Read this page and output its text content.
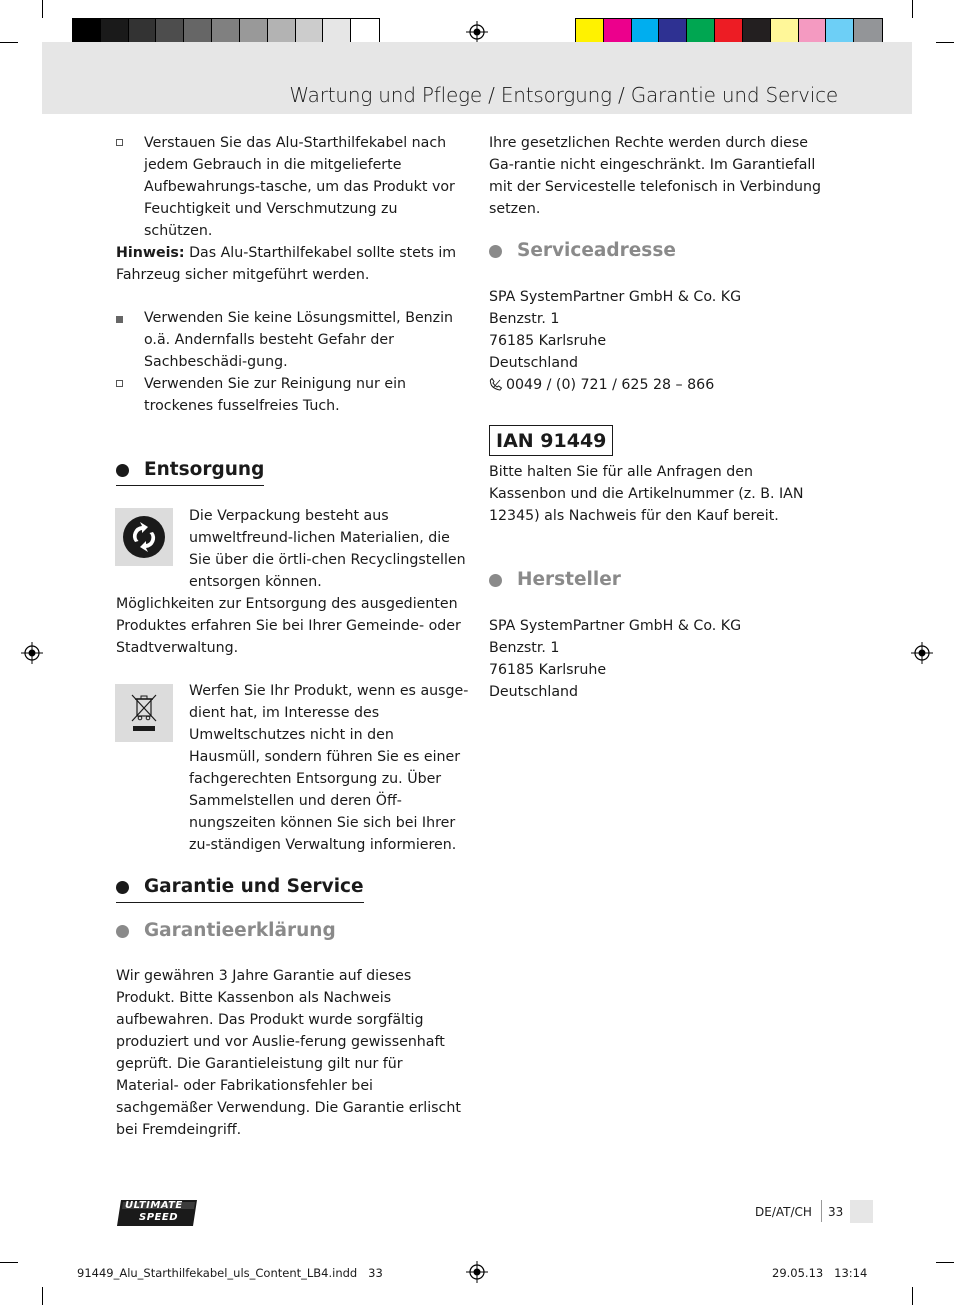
Wartung und Pflege / Entsorgung / Garantie und Service

Verstauen Sie das Alu-Starthilfekabel nach jedem Gebrauch in die mitgelieferte Aufbewahrungs-tasche, um das Produkt vor Feuchtigkeit und Verschmutzung zu schützen.

Hinweis: Das Alu-Starthilfekabel sollte stets im Fahrzeug sicher mitgeführt werden.

Verwenden Sie keine Lösungsmittel, Benzin o.ä. Andernfalls besteht Gefahr der Sachbeschädi-gung.

Verwenden Sie zur Reinigung nur ein trockenes fusselfreies Tuch.

Entsorgung

Die Verpackung besteht aus umweltfreund-lichen Materialien, die Sie über die örtli-chen Recyclingstellen entsorgen können.

Möglichkeiten zur Entsorgung des ausgedienten Produktes erfahren Sie bei Ihrer Gemeinde- oder Stadtverwaltung.

Werfen Sie Ihr Produkt, wenn es ausge-dient hat, im Interesse des Umweltschutzes nicht in den Hausmüll, sondern führen Sie es einer fachgerechten Entsorgung zu. Über Sammelstellen und deren Öff-nungszeiten können Sie sich bei Ihrer zu-ständigen Verwaltung informieren.

Garantie und Service
Garantieerklärung

Wir gewähren 3 Jahre Garantie auf dieses Produkt. Bitte Kassenbon als Nachweis aufbewahren. Das Produkt wurde sorgfältig produziert und vor Auslie-ferung gewissenhaft geprüft. Die Garantieleistung gilt nur für Material- oder Fabrikationsfehler bei sachgemäßer Verwendung. Die Garantie erlischt bei Fremdeingriff.

Ihre gesetzlichen Rechte werden durch diese Ga-rantie nicht eingeschränkt. Im Garantiefall mit der Servicestelle telefonisch in Verbindung setzen.

Serviceadresse

SPA SystemPartner GmbH & Co. KG

Benzstr. 1

76185 Karlsruhe

Deutschland

0049 / (0) 721 / 625 28 – 866

IAN 91449

Bitte halten Sie für alle Anfragen den Kassenbon und die Artikelnummer (z. B. IAN 12345) als Nachweis für den Kauf bereit.

Hersteller

SPA SystemPartner GmbH & Co. KG

Benzstr. 1

76185 Karlsruhe

Deutschland

ULTIMATE
SPEED	DE/AT/CH 33
91449_Alu_Starthilfekabel_uls_Content_LB4.indd   33	29.05.13   13:14
